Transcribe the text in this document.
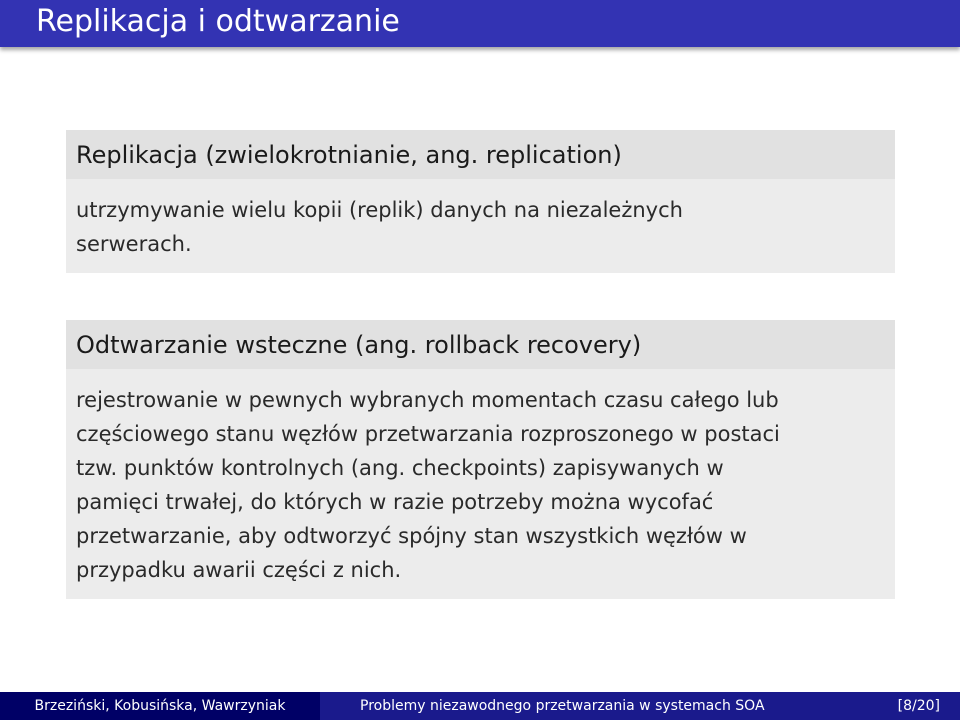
Replikacja i odtwarzanie
Replikacja (zwielokrotnianie, ang. replication)
utrzymywanie wielu kopii (replik) danych na niezależnych
serwerach.
Odtwarzanie wsteczne (ang. rollback recovery)
rejestrowanie w pewnych wybranych momentach czasu całego lub
częściowego stanu węzłów przetwarzania rozproszonego w postaci
tzw. punktów kontrolnych (ang. checkpoints) zapisywanych w
pamięci trwałej, do których w razie potrzeby można wycofać
przetwarzanie, aby odtworzyć spójny stan wszystkich węzłów w
przypadku awarii części z nich.
Brzeziński, Kobusińska, Wawrzyniak	Problemy niezawodnego przetwarzania w systemach SOA	[8/20]
